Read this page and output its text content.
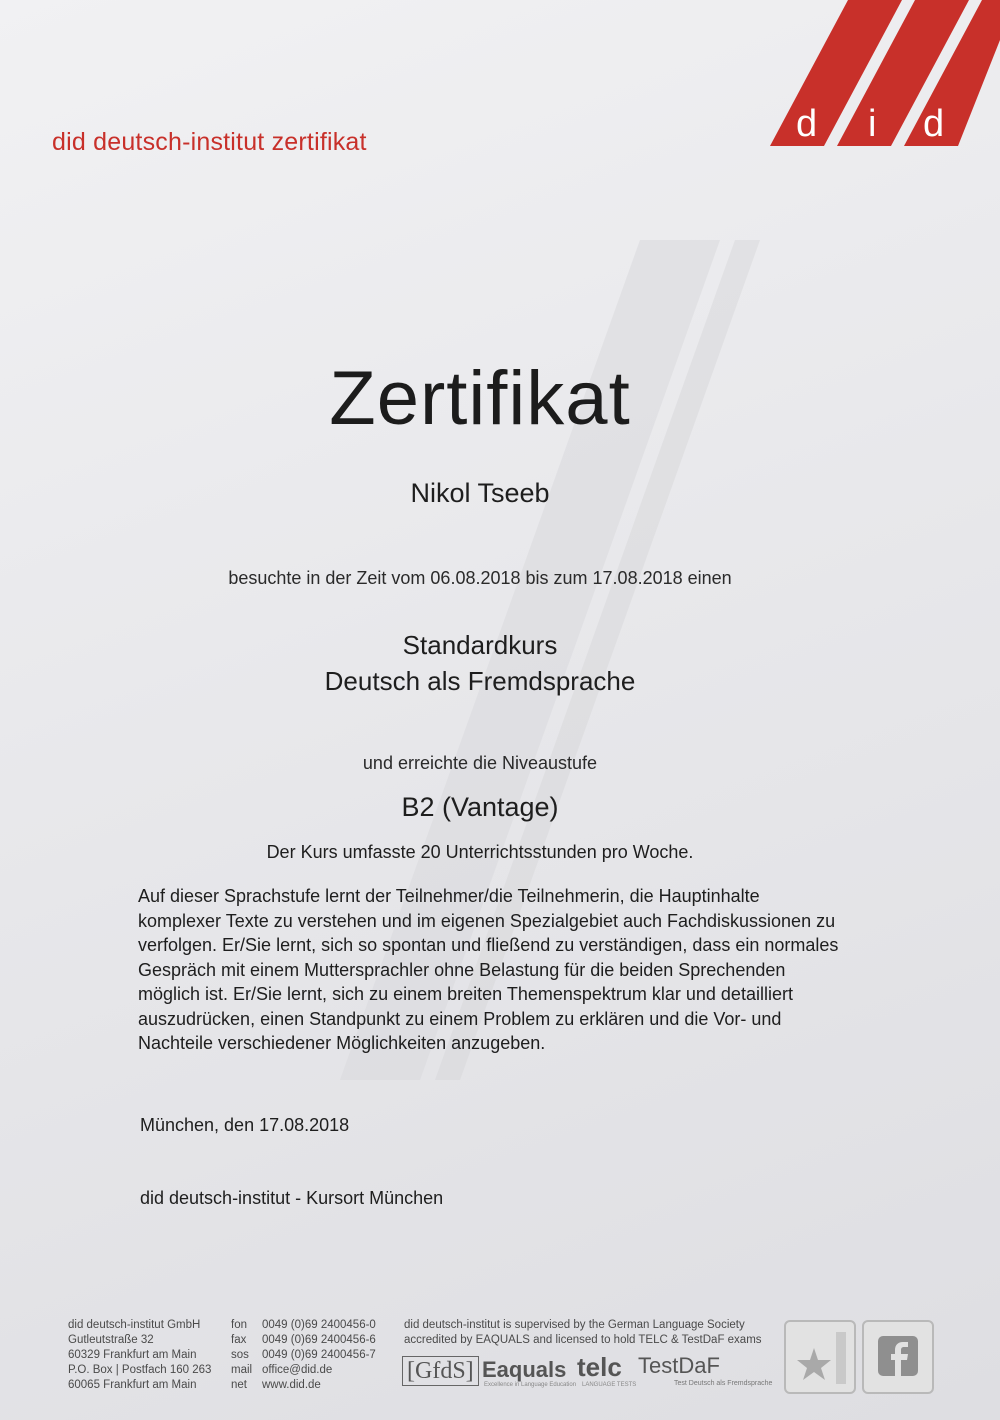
d i d
did deutsch-institut zertifikat
Zertifikat
Nikol Tseeb
besuchte in der Zeit vom 06.08.2018 bis zum 17.08.2018 einen
Standardkurs
Deutsch als Fremdsprache
und erreichte die Niveaustufe
B2 (Vantage)
Der Kurs umfasste 20 Unterrichtsstunden pro Woche.
Auf dieser Sprachstufe lernt der Teilnehmer/die Teilnehmerin, die Hauptinhalte
komplexer Texte zu verstehen und im eigenen Spezialgebiet auch Fachdiskussionen zu
verfolgen. Er/Sie lernt, sich so spontan und fließend zu verständigen, dass ein normales
Gespräch mit einem Muttersprachler ohne Belastung für die beiden Sprechenden
möglich ist. Er/Sie lernt, sich zu einem breiten Themenspektrum klar und detailliert
auszudrücken, einen Standpunkt zu einem Problem zu erklären und die Vor- und
Nachteile verschiedener Möglichkeiten anzugeben.
München, den 17.08.2018
did deutsch-institut - Kursort München
did deutsch-institut GmbH
Gutleutstraße 32
60329 Frankfurt am Main
P.O. Box | Postfach 160 263
60065 Frankfurt am Main
fon
fax
sos
mail
net
0049 (0)69 2400456-0
0049 (0)69 2400456-6
0049 (0)69 2400456-7
office@did.de
www.did.de
did deutsch-institut is supervised by the German Language Society
accredited by EAQUALS and licensed to hold TELC & TestDaF exams
[GfdS] Eaquals
Excellence in Language Education
telc
LANGUAGE TESTS
TestDaF
Test Deutsch als Fremdsprache
